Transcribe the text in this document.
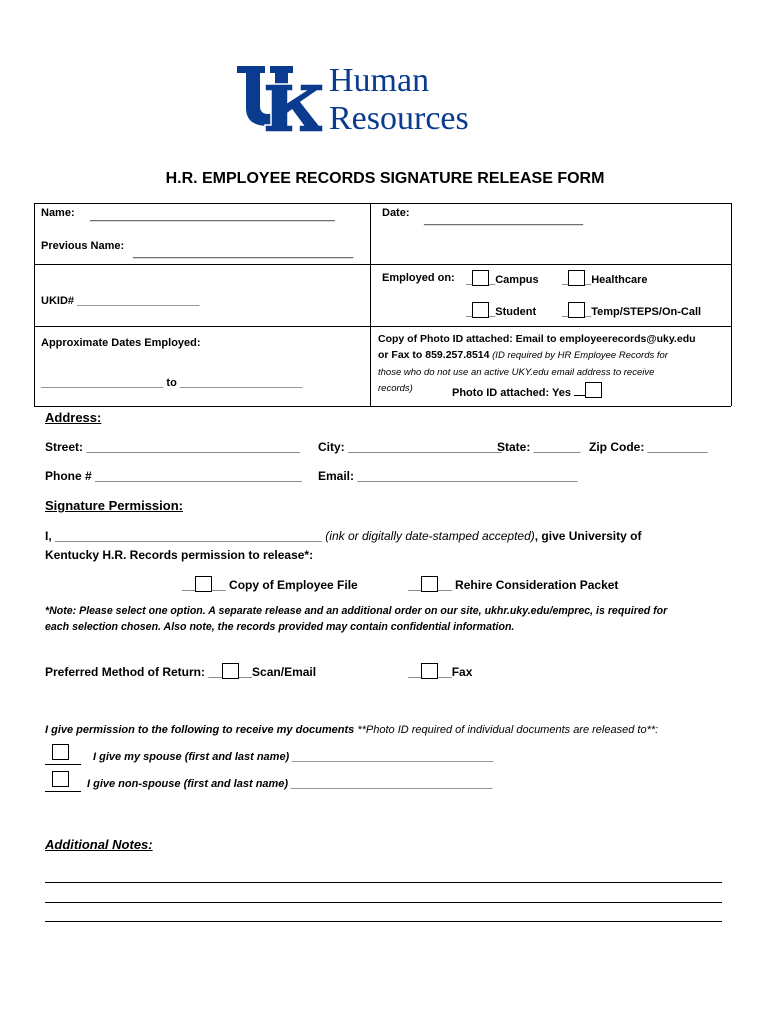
Human
Resources
H.R. EMPLOYEE RECORDS SIGNATURE RELEASE FORM
Name: ________________________________________	Date:
__________________________
Previous Name:
____________________________________
Employed on: _ _Campus _ _Healthcare
UKID# ____________________
_ _Student _ _Temp/STEPS/On-Call
Approximate Dates Employed:
____________________ to ____________________
Copy of Photo ID attached: Email to employeerecords@uky.edu
or Fax to 859.257.8514 (ID required by HR Employee Records for
those who do not use an active UKY.edu email address to receive
records)	Photo ID attached: Yes
Address:
Street: ________________________________ City: _______________________
State: _______ Zip Code: _________
Phone # _______________________________ Email: _________________________________
Signature Permission:
I, ________________________________________ (ink or digitally date-stamped accepted), give University of
Kentucky H.R. Records permission to release*:
__ __ Copy of Employee File	__ __ Rehire Consideration Packet
*Note: Please select one option. A separate release and an additional order on our site, ukhr.uky.edu/emprec, is required for
each selection chosen. Also note, the records provided may contain confidential information.
Preferred Method of Return: __ __Scan/Email	__ __Fax
I give permission to the following to receive my documents **Photo ID required of individual documents are released to**:
I give my spouse (first and last name) _________________________________
I give non-spouse (first and last name) _________________________________
Additional Notes:
